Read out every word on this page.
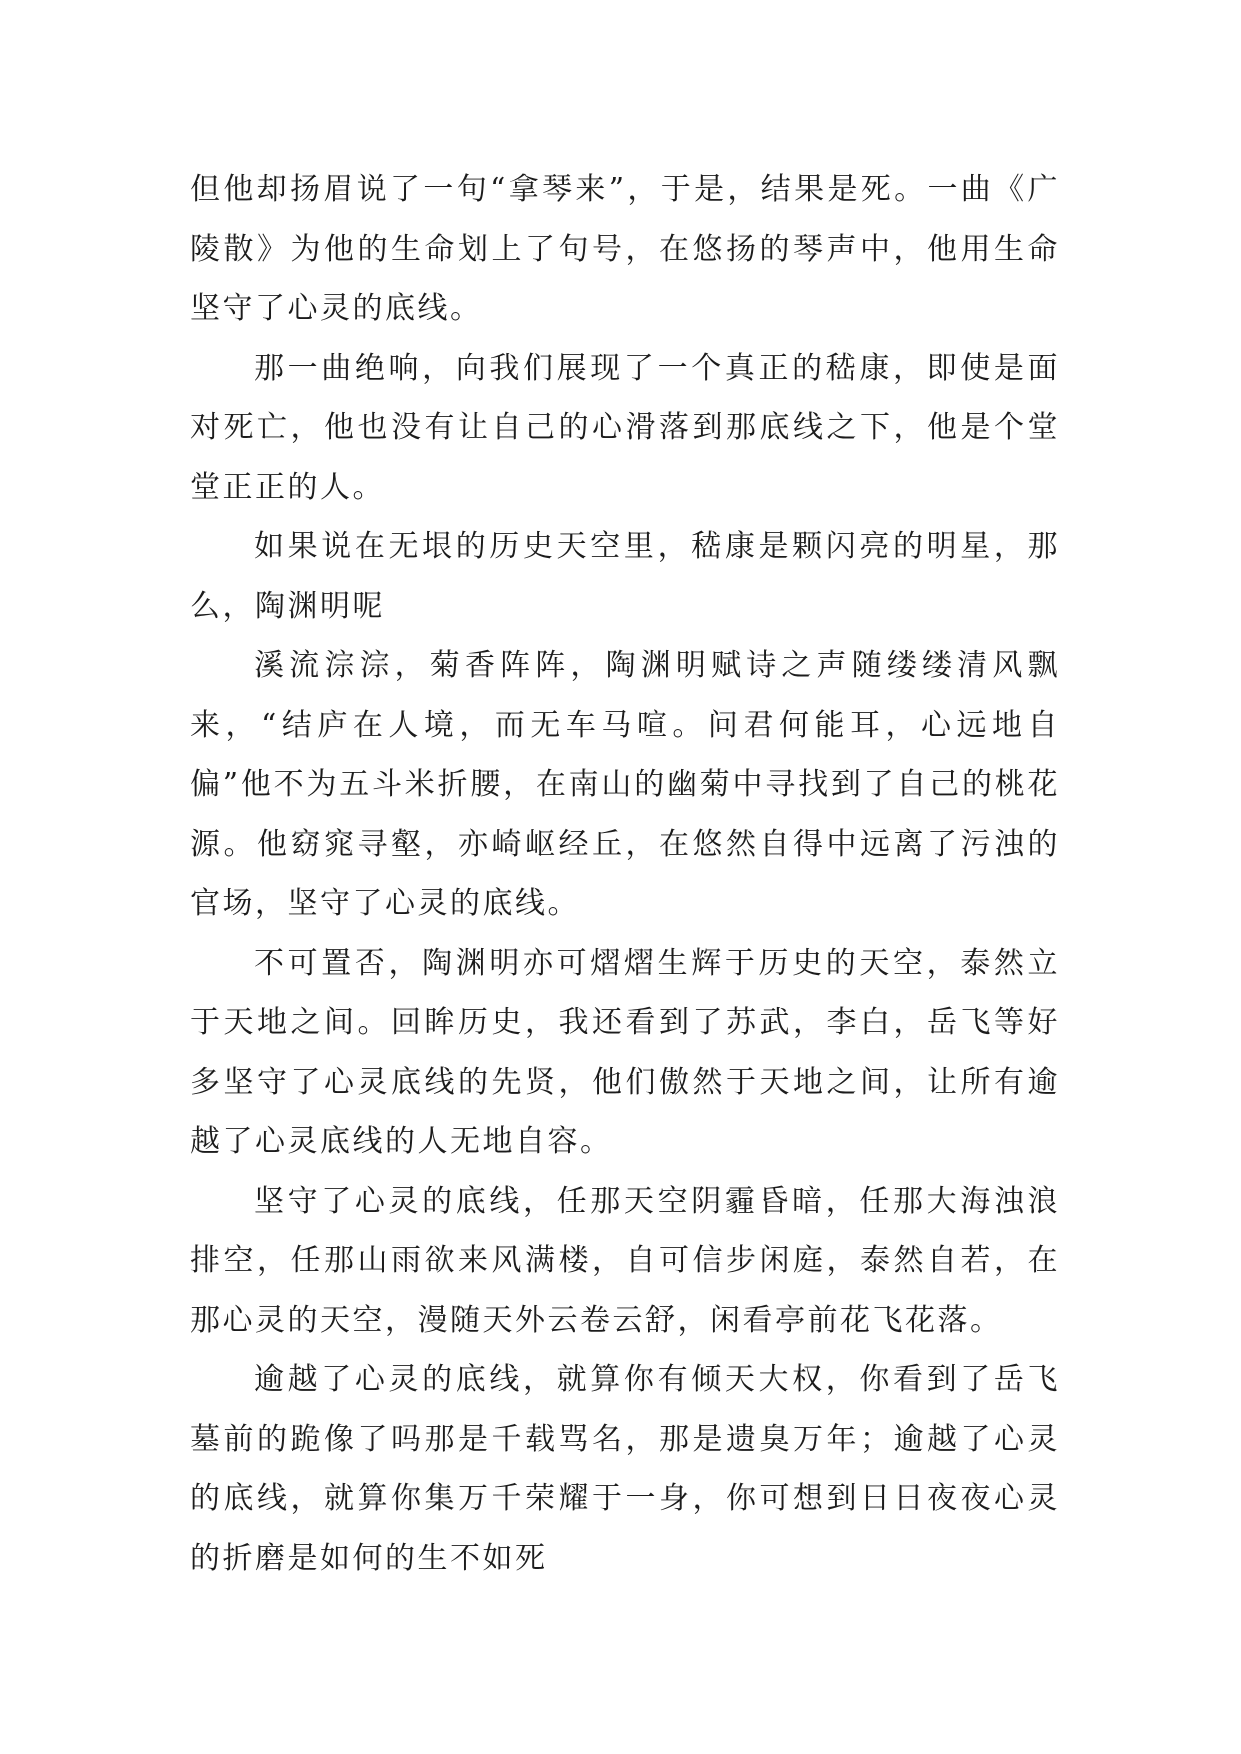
但他却扬眉说了一句“拿琴来”，于是，结果是死。一曲《广陵散》为他的生命划上了句号，在悠扬的琴声中，他用生命坚守了心灵的底线。

那一曲绝响，向我们展现了一个真正的嵇康，即使是面对死亡，他也没有让自己的心滑落到那底线之下，他是个堂堂正正的人。

如果说在无垠的历史天空里，嵇康是颗闪亮的明星，那么，陶渊明呢

溪流淙淙，菊香阵阵，陶渊明赋诗之声随缕缕清风飘来，“结庐在人境，而无车马喧。问君何能耳，心远地自偏”他不为五斗米折腰，在南山的幽菊中寻找到了自己的桃花源。他窈窕寻壑，亦崎岖经丘，在悠然自得中远离了污浊的官场，坚守了心灵的底线。

不可置否，陶渊明亦可熠熠生辉于历史的天空，泰然立于天地之间。回眸历史，我还看到了苏武，李白，岳飞等好多坚守了心灵底线的先贤，他们傲然于天地之间，让所有逾越了心灵底线的人无地自容。

坚守了心灵的底线，任那天空阴霾昏暗，任那大海浊浪排空，任那山雨欲来风满楼，自可信步闲庭，泰然自若，在那心灵的天空，漫随天外云卷云舒，闲看亭前花飞花落。

逾越了心灵的底线，就算你有倾天大权，你看到了岳飞墓前的跪像了吗那是千载骂名，那是遗臭万年；逾越了心灵的底线，就算你集万千荣耀于一身，你可想到日日夜夜心灵的折磨是如何的生不如死
